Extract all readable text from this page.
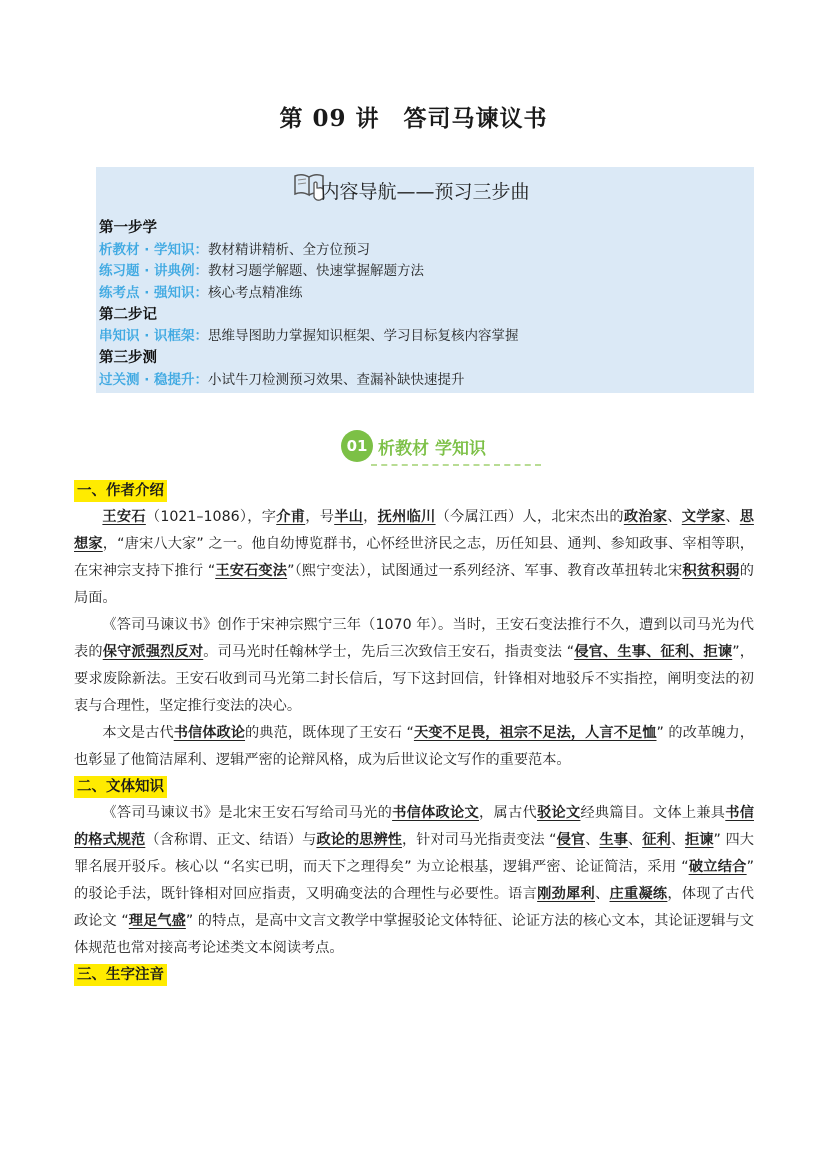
第 09 讲　答司马谏议书
内容导航——预习三步曲
第一步学
析教材 · 学知识：教材精讲精析、全方位预习
练习题 · 讲典例：教材习题学解题、快速掌握解题方法
练考点 · 强知识：核心考点精准练
第二步记
串知识 · 识框架：思维导图助力掌握知识框架、学习目标复核内容掌握
第三步测
过关测 · 稳提升：小试牛刀检测预习效果、查漏补缺快速提升
01 析教材 学知识
一、作者介绍

王安石（1021–1086），字介甫，号半山，抚州临川（今属江西）人，北宋杰出的政治家、文学家、思想家，“唐宋八大家” 之一。他自幼博览群书，心怀经世济民之志，历任知县、通判、参知政事、宰相等职，在宋神宗支持下推行 “王安石变法”（熙宁变法），试图通过一系列经济、军事、教育改革扭转北宋积贫积弱的局面。

《答司马谏议书》创作于宋神宗熙宁三年（1070 年）。当时，王安石变法推行不久，遭到以司马光为代表的保守派强烈反对。司马光时任翰林学士，先后三次致信王安石，指责变法 “侵官、生事、征利、拒谏”，要求废除新法。王安石收到司马光第二封长信后，写下这封回信，针锋相对地驳斥不实指控，阐明变法的初衷与合理性，坚定推行变法的决心。

本文是古代书信体政论的典范，既体现了王安石 “天变不足畏，祖宗不足法，人言不足恤” 的改革魄力，也彰显了他简洁犀利、逻辑严密的论辩风格，成为后世议论文写作的重要范本。

二、文体知识

《答司马谏议书》是北宋王安石写给司马光的书信体政论文，属古代驳论文经典篇目。文体上兼具书信的格式规范（含称谓、正文、结语）与政论的思辨性，针对司马光指责变法 “侵官、生事、征利、拒谏” 四大罪名展开驳斥。核心以 “名实已明，而天下之理得矣” 为立论根基，逻辑严密、论证简洁，采用 “破立结合” 的驳论手法，既针锋相对回应指责，又明确变法的合理性与必要性。语言刚劲犀利、庄重凝练，体现了古代政论文 “理足气盛” 的特点，是高中文言文教学中掌握驳论文体特征、论证方法的核心文本，其论证逻辑与文体规范也常对接高考论述类文本阅读考点。

三、生字注音
